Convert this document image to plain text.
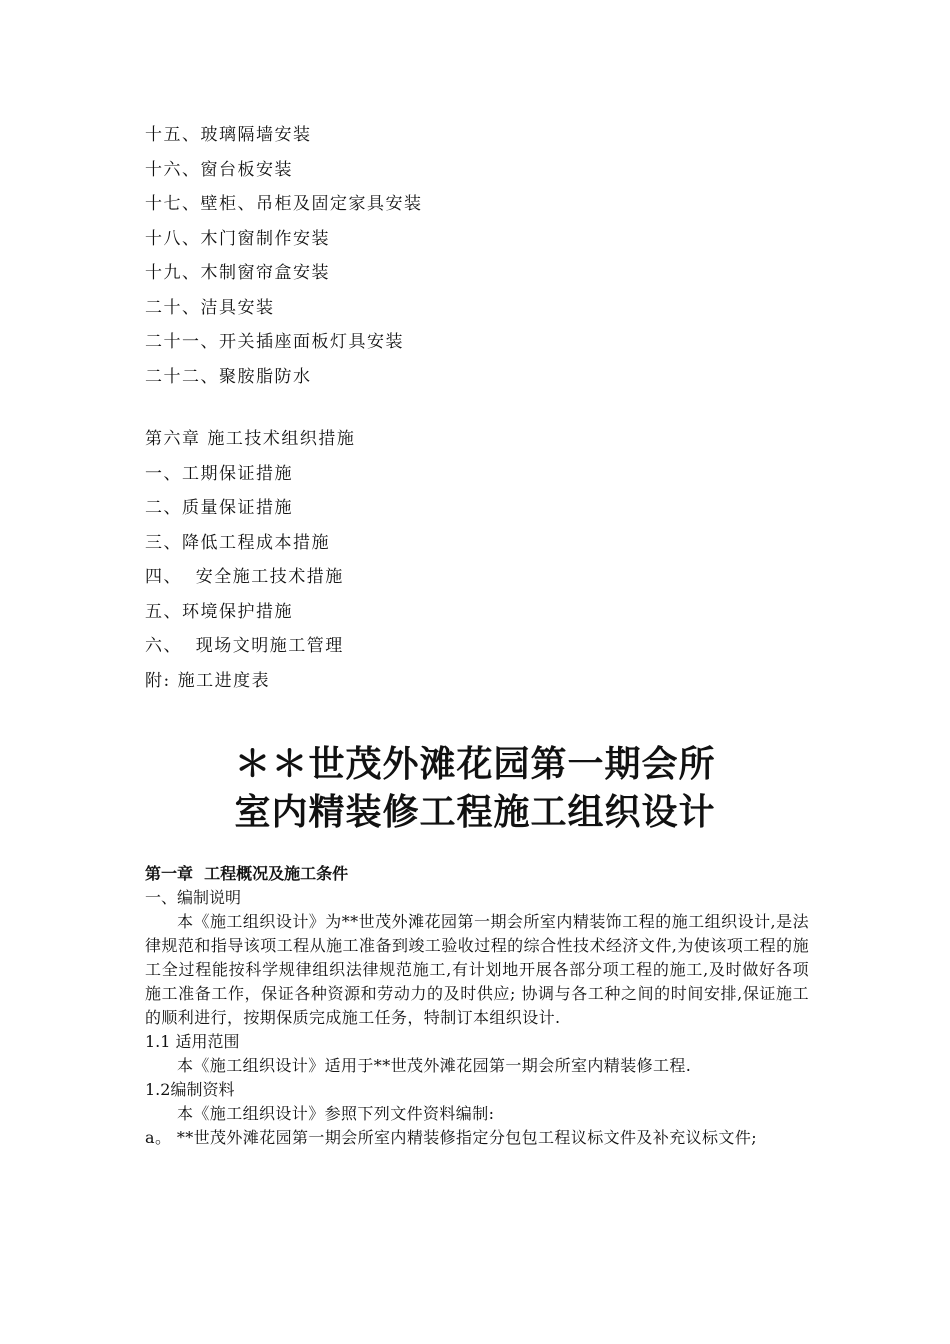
十五、玻璃隔墙安装
十六、窗台板安装
十七、壁柜、吊柜及固定家具安装
十八、木门窗制作安装
十九、木制窗帘盒安装
二十、洁具安装
二十一、开关插座面板灯具安装
二十二、聚胺脂防水
第六章 施工技术组织措施
一、工期保证措施
二、质量保证措施
三、降低工程成本措施
四、  安全施工技术措施
五、环境保护措施
六、  现场文明施工管理
附: 施工进度表
＊＊世茂外滩花园第一期会所
室内精装修工程施工组织设计
第一章  工程概况及施工条件
一、编制说明
本《施工组织设计》为**世茂外滩花园第一期会所室内精装饰工程的施工组织设计,是法律规范和指导该项工程从施工准备到竣工验收过程的综合性技术经济文件,为使该项工程的施工全过程能按科学规律组织法律规范施工,有计划地开展各部分项工程的施工,及时做好各项施工准备工作，保证各种资源和劳动力的及时供应; 协调与各工种之间的时间安排,保证施工的顺利进行，按期保质完成施工任务，特制订本组织设计.
1.1 适用范围
本《施工组织设计》适用于**世茂外滩花园第一期会所室内精装修工程.
1.2编制资料
本《施工组织设计》参照下列文件资料编制:
a。 **世茂外滩花园第一期会所室内精装修指定分包包工程议标文件及补充议标文件;
